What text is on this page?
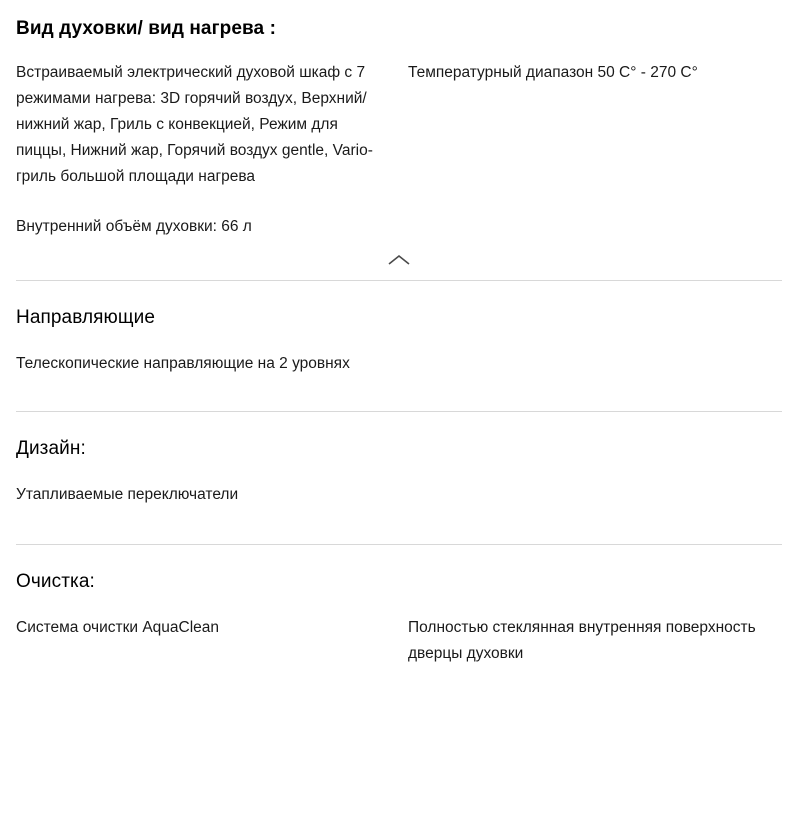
Вид духовки/ вид нагрева :

Встраиваемый электрический духовой шкаф с 7 режимами нагрева: 3D горячий воздух, Верхний/нижний жар, Гриль с конвекцией, Режим для пиццы, Нижний жар, Горячий воздух gentle, Vario-гриль большой площади нагрева

Температурный диапазон 50 C° - 270 C°

Внутренний объём духовки: 66 л

Направляющие

Телескопические направляющие на 2 уровнях

Дизайн:

Утапливаемые переключатели

Очистка:

Система очистки AquaClean	Полностью стеклянная внутренняя поверхность дверцы духовки
